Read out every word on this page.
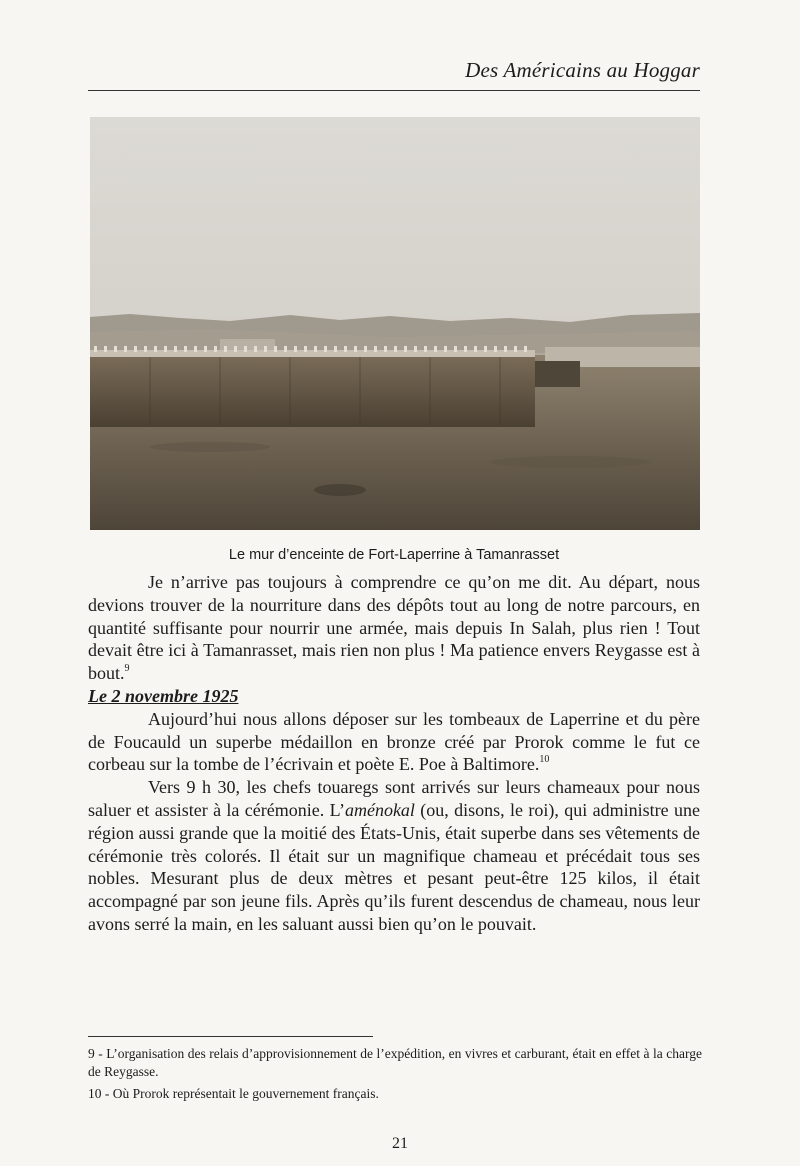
Des Américains au Hoggar
Le mur d’enceinte de Fort-Laperrine à Tamanrasset

Je n’arrive pas toujours à comprendre ce qu’on me dit. Au départ, nous devions trouver de la nourriture dans des dépôts tout au long de notre parcours, en quantité suffisante pour nourrir une armée, mais depuis In Salah, plus rien ! Tout devait être ici à Tamanrasset, mais rien non plus ! Ma patience envers Reygasse est à bout.$^9$

Le 2 novembre 1925

Aujourd’hui nous allons déposer sur les tombeaux de Laperrine et du père de Foucauld un superbe médaillon en bronze créé par Prorok comme le fut ce corbeau sur la tombe de l’écrivain et poète E. Poe à Baltimore.$^{10}$

Vers 9 h 30, les chefs touaregs sont arrivés sur leurs chameaux pour nous saluer et assister à la cérémonie. L’aménokal (ou, disons, le roi), qui administre une région aussi grande que la moitié des États-Unis, était superbe dans ses vêtements de cérémonie très colorés. Il était sur un magnifique chameau et précédait tous ses nobles. Mesurant plus de deux mètres et pesant peut-être 125 kilos, il était accompagné par son jeune fils. Après qu’ils furent descendus de chameau, nous leur avons serré la main, en les saluant aussi bien qu’on le pouvait.

9 - L’organisation des relais d’approvisionnement de l’expédition, en vivres et carburant, était en effet à la charge de Reygasse.

10 - Où Prorok représentait le gouvernement français.

21
